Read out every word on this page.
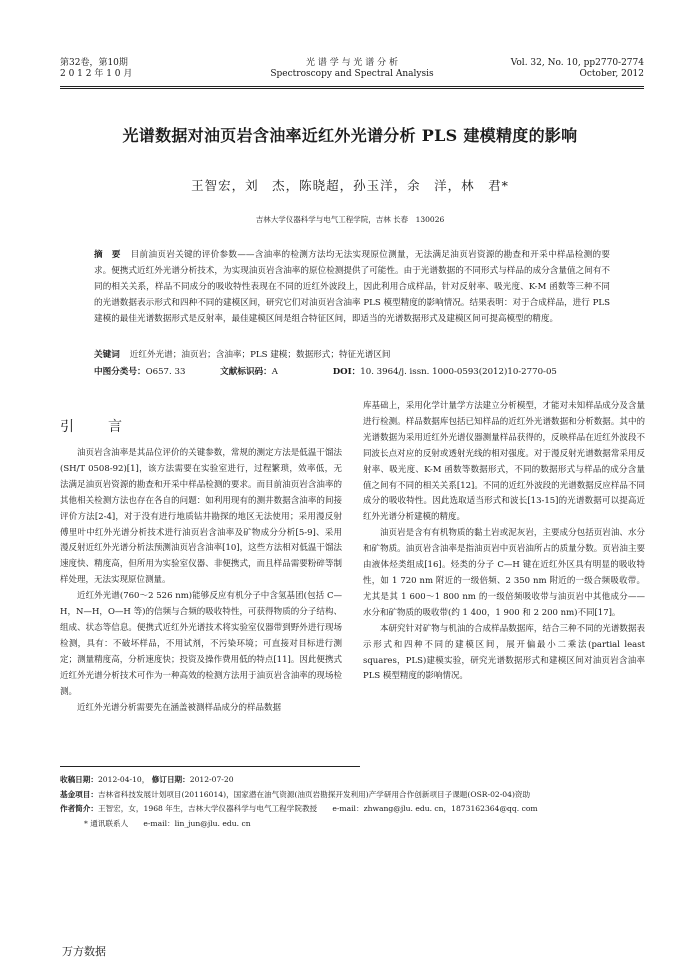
第32卷，第10期
2 0 1 2 年 1 0 月
光 谱 学 与 光 谱 分 析
Spectroscopy and Spectral Analysis
Vol. 32, No. 10, pp2770-2774
October, 2012
光谱数据对油页岩含油率近红外光谱分析 PLS 建模精度的影响
王智宏，刘　杰，陈晓超，孙玉洋，余　洋，林　君*
吉林大学仪器科学与电气工程学院，吉林 长春　130026
摘　要 目前油页岩关键的评价参数——含油率的检测方法均无法实现原位测量，无法满足油页岩资源的勘查和开采中样品检测的要求。便携式近红外光谱分析技术，为实现油页岩含油率的原位检测提供了可能性。由于光谱数据的不同形式与样品的成分含量值之间有不同的相关关系，样品不同成分的吸收特性表现在不同的近红外波段上，因此利用合成样品，针对反射率、吸光度、K-M 函数等三种不同的光谱数据表示形式和四种不同的建模区间，研究它们对油页岩含油率 PLS 模型精度的影响情况。结果表明：对于合成样品，进行 PLS 建模的最佳光谱数据形式是反射率，最佳建模区间是组合特征区间，即适当的光谱数据形式及建模区间可提高模型的精度。
关键词 近红外光谱；油页岩；含油率；PLS 建模；数据形式；特征光谱区间
中图分类号：O657. 33	文献标识码：A	DOI：10. 3964/j. issn. 1000-0593(2012)10-2770-05
引　言

油页岩含油率是其品位评价的关键参数，常规的测定方法是低温干馏法(SH/T 0508-92)[1]，该方法需要在实验室进行，过程繁琐，效率低，无法满足油页岩资源的勘查和开采中样品检测的要求。而目前油页岩含油率的其他相关检测方法也存在各自的问题：如利用现有的测井数据含油率的间接评价方法[2-4]，对于没有进行地质钻井勘探的地区无法使用；采用漫反射傅里叶中红外光谱分析技术进行油页岩含油率及矿物成分分析[5-9]、采用漫反射近红外光谱分析法预测油页岩含油率[10]，这些方法相对低温干馏法速度快、精度高，但所用为实验室仪器、非便携式，而且样品需要粉碎等制样处理，无法实现原位测量。

近红外光谱(760～2 526 nm)能够反应有机分子中含氢基团(包括 C—H，N—H，O—H 等)的信频与合频的吸收特性，可获得物质的分子结构、组成、状态等信息。便携式近红外光谱技术将实验室仪器带到野外进行现场检测，具有：不破坏样品，不用试剂，不污染环境；可直接对目标进行测定；测量精度高，分析速度快；投资及操作费用低的特点[11]。因此便携式近红外光谱分析技术可作为一种高效的检测方法用于油页岩含油率的现场检测。

近红外光谱分析需要先在涵盖被测样品成分的样品数据

库基础上，采用化学计量学方法建立分析模型，才能对未知样品成分及含量进行检测。样品数据库包括已知样品的近红外光谱数据和分析数据。其中的光谱数据为采用近红外光谱仪器测量样品获得的，反映样品在近红外波段不同波长点对应的反射或透射光线的相对强度。对于漫反射光谱数据常采用反射率、吸光度、K-M 函数等数据形式，不同的数据形式与样品的成分含量值之间有不同的相关关系[12]。不同的近红外波段的光谱数据反应样品不同成分的吸收特性。因此选取适当形式和波长[13-15]的光谱数据可以提高近红外光谱分析建模的精度。

油页岩是含有有机物质的黏土岩或泥灰岩，主要成分包括页岩油、水分和矿物质。油页岩含油率是指油页岩中页岩油所占的质量分数。页岩油主要由液体烃类组成[16]。烃类的分子 C—H 键在近红外区具有明显的吸收特性，如 1 720 nm 附近的一级倍频、2 350 nm 附近的一级合频吸收带。尤其是其 1 600～1 800 nm 的一级倍频吸收带与油页岩中其他成分——水分和矿物质的吸收带(约 1 400，1 900 和 2 200 nm)不同[17]。

本研究针对矿物与机油的合成样品数据库，结合三种不同的光谱数据表示形式和四种不同的建模区间，展开偏最小二乘法(partial least squares，PLS)建模实验，研究光谱数据形式和建模区间对油页岩含油率 PLS 模型精度的影响情况。

收稿日期：2012-04-10， 修订日期：2012-07-20
基金项目：吉林省科技发展计划项目(20116014)，国家潜在油气资源(油页岩勘探开发利用)产学研用合作创新项目子课题(OSR-02-04)资助
作者简介：王智宏，女，1968 年生，吉林大学仪器科学与电气工程学院教授　　e-mail：zhwang@jlu. edu. cn，18731623​64@qq. com
* 通讯联系人　　e-mail：lin_jun@jlu. edu. cn
万方数据
